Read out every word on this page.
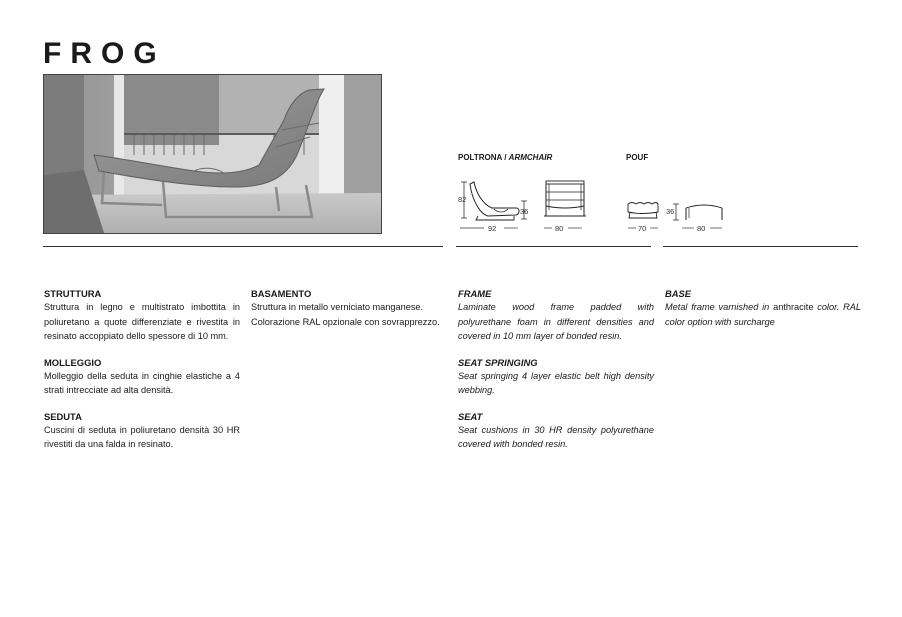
FROG
POLTRONA / ARMCHAIR	POUF
82
36
92	80
36
70	80
STRUTTURA
Struttura in legno e multistrato imbottita in poliuretano a quote differenziate e rivestita in resinato accoppiato dello spessore di 10 mm.
MOLLEGGIO
Molleggio della seduta in cinghie elastiche a 4 strati intrecciate ad alta densità.
SEDUTA
Cuscini di seduta in poliuretano densità 30 HR rivestiti da una falda in resinato.
BASAMENTO
Struttura in metallo verniciato manganese. Colorazione RAL opzionale con sovrapprezzo.
FRAME
Laminate wood frame padded with polyurethane foam in different densities and covered in 10 mm layer of bonded resin.
SEAT SPRINGING
Seat springing 4 layer elastic belt high density webbing.
SEAT
Seat cushions in 30 HR density polyurethane covered with bonded resin.
BASE
Metal frame varnished in anthracite color. RAL color option with surcharge
